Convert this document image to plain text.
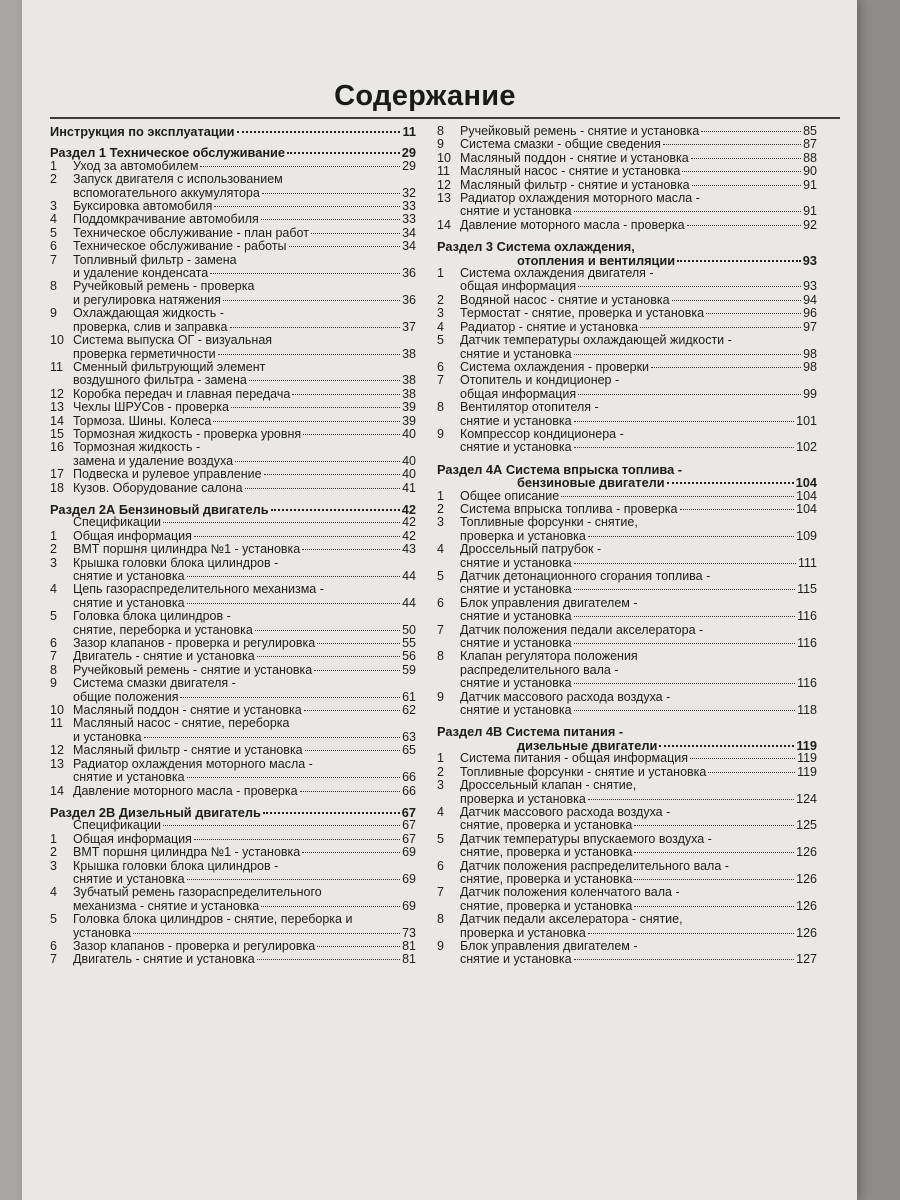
Содержание
Инструкция по эксплуатации	11
Раздел 1 Техническое обслуживание	29
1	Уход за автомобилем	29
2	Запуск двигателя с использованием
вспомогательного аккумулятора	32
3	Буксировка автомобиля	33
4	Поддомкрачивание автомобиля	33
5	Техническое обслуживание - план работ	34
6	Техническое обслуживание - работы	34
7	Топливный фильтр - замена
и удаление конденсата	36
8	Ручейковый ремень - проверка
и регулировка натяжения	36
9	Охлаждающая жидкость -
проверка, слив и заправка	37
10 Система выпуска ОГ - визуальная
проверка герметичности	38
11 Сменный фильтрующий элемент
воздушного фильтра - замена	38
12 Коробка передач и главная передача	38
13 Чехлы ШРУСов - проверка	39
14 Тормоза. Шины. Колеса	39
15 Тормозная жидкость - проверка уровня	40
16 Тормозная жидкость -
замена и удаление воздуха	40
17 Подвеска и рулевое управление	40
18 Кузов. Оборудование салона	41
Раздел 2А Бензиновый двигатель	42
Спецификации	42
1	Общая информация	42
2	ВМТ поршня цилиндра №1 - установка	43
3	Крышка головки блока цилиндров -
снятие и установка	44
4	Цепь газораспределительного механизма -
снятие и установка	44
5	Головка блока цилиндров -
снятие, переборка и установка	50
6	Зазор клапанов - проверка и регулировка	55
7	Двигатель - снятие и установка	56
8	Ручейковый ремень - снятие и установка	59
9	Система смазки двигателя -
общие положения	61
10 Масляный поддон - снятие и установка	62
11 Масляный насос - снятие, переборка
и установка	63
12 Масляный фильтр - снятие и установка	65
13 Радиатор охлаждения моторного масла -
снятие и установка	66
14 Давление моторного масла - проверка	66
Раздел 2В Дизельный двигатель	67
Спецификации	67
1	Общая информация	67
2	ВМТ поршня цилиндра №1 - установка	69
3	Крышка головки блока цилиндров -
снятие и установка	69
4	Зубчатый ремень газораспределительного
механизма - снятие и установка	69
5	Головка блока цилиндров - снятие, переборка и
установка	73
6	Зазор клапанов - проверка и регулировка	81
7	Двигатель - снятие и установка	81
8	Ручейковый ремень - снятие и установка	85
9	Система смазки - общие сведения	87
10 Масляный поддон - снятие и установка	88
11 Масляный насос - снятие и установка	90
12 Масляный фильтр - снятие и установка	91
13 Радиатор охлаждения моторного масла -
снятие и установка	91
14 Давление моторного масла - проверка	92
Раздел 3 Система охлаждения,
отопления и вентиляции	93
1	Система охлаждения двигателя -
общая информация	93
2	Водяной насос - снятие и установка	94
3	Термостат - снятие, проверка и установка	96
4	Радиатор - снятие и установка	97
5	Датчик температуры охлаждающей жидкости -
снятие и установка	98
6	Система охлаждения - проверки	98
7	Отопитель и кондиционер -
общая информация	99
8	Вентилятор отопителя -
снятие и установка	101
9	Компрессор кондиционера -
снятие и установка	102
Раздел 4А Система впрыска топлива -
бензиновые двигатели	104
1	Общее описание	104
2	Система впрыска топлива - проверка	104
3	Топливные форсунки - снятие,
проверка и установка	109
4	Дроссельный патрубок -
снятие и установка	111
5	Датчик детонационного сгорания топлива -
снятие и установка	115
6	Блок управления двигателем -
снятие и установка	116
7	Датчик положения педали акселератора -
снятие и установка	116
8	Клапан регулятора положения
распределительного вала -
снятие и установка	116
9	Датчик массового расхода воздуха -
снятие и установка	118
Раздел 4В Система питания -
дизельные двигатели	119
1	Система питания - общая информация	119
2	Топливные форсунки - снятие и установка	119
3	Дроссельный клапан - снятие,
проверка и установка	124
4	Датчик массового расхода воздуха -
снятие, проверка и установка	125
5	Датчик температуры впускаемого воздуха -
снятие, проверка и установка	126
6	Датчик положения распределительного вала -
снятие, проверка и установка	126
7	Датчик положения коленчатого вала -
снятие, проверка и установка	126
8	Датчик педали акселератора - снятие,
проверка и установка	126
9	Блок управления двигателем -
снятие и установка	127
